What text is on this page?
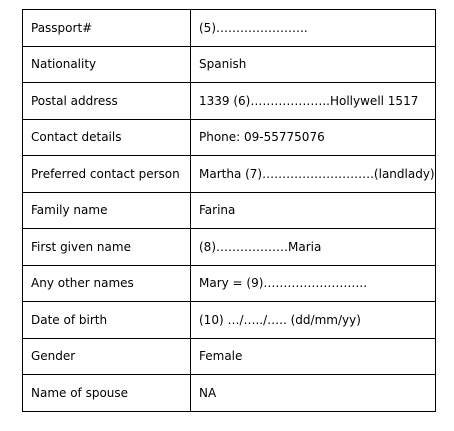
Passport#	(5)…………………..
Nationality	Spanish
Postal address	1339 (6)………………..Hollywell 1517
Contact details	Phone: 09-55775076
Preferred contact person	Martha (7)……………………….(landlady)
Family name	Farina
First given name	(8)………………Maria
Any other names	Mary = (9)……………………..
Date of birth	(10) …/…../….. (dd/mm/yy)
Gender	Female
Name of spouse	NA
